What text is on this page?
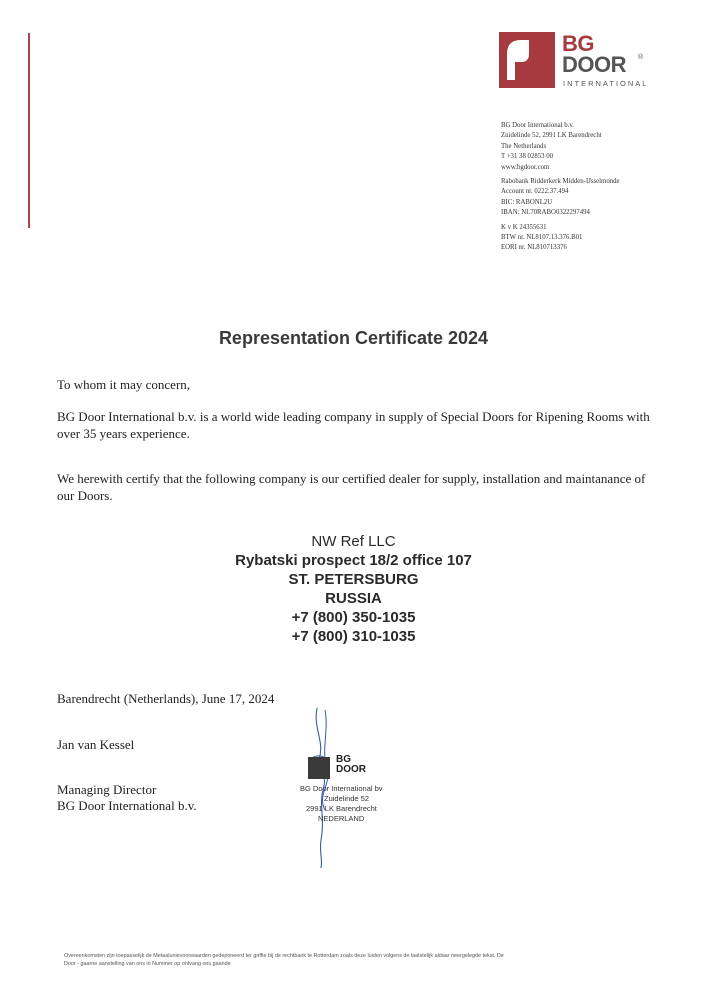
BG
DOOR ®
INTERNATIONAL
BG Door International b.v.
Zuidelinde 52, 2991 LK Barendrecht
The Netherlands
T +31 38 02853 00
www.bgdoor.com
Rabobank Ridderkerk Midden-IJsselmonde
Account nr. 0222.37.494
BIC: RABONL2U
IBAN: NL70RABO0322297494
K v K 24355631
BTW nr. NL8107.13.376.B01
EORI nr. NL810713376
Representation Certificate 2024
To whom it may concern,
BG Door International b.v. is a world wide leading company in supply of Special Doors for Ripening Rooms with over 35 years experience.
We herewith certify that the following company is our certified dealer for supply, installation and maintanance of our Doors.
NW Ref LLC
Rybatski prospect 18/2 office 107
ST. PETERSBURG
RUSSIA
+7 (800) 350-1035
+7 (800) 310-1035
Barendrecht (Netherlands), June 17, 2024
Jan van Kessel
Managing Director
BG Door International b.v.
BG
DOOR
BG Door International bv
Zuidelinde 52
2991 LK Barendrecht
NEDERLAND
Overeenkomsten zijn toepasselijk de Metaalunievoorwaarden gedeponeerd ter griffie bij de rechtbank te Rotterdam zoals deze luiden volgens de laatstelijk aldaar neergelegde tekst. De
Door - gaarne aanstelling van ons in Nummer op ontvang ons gaande
